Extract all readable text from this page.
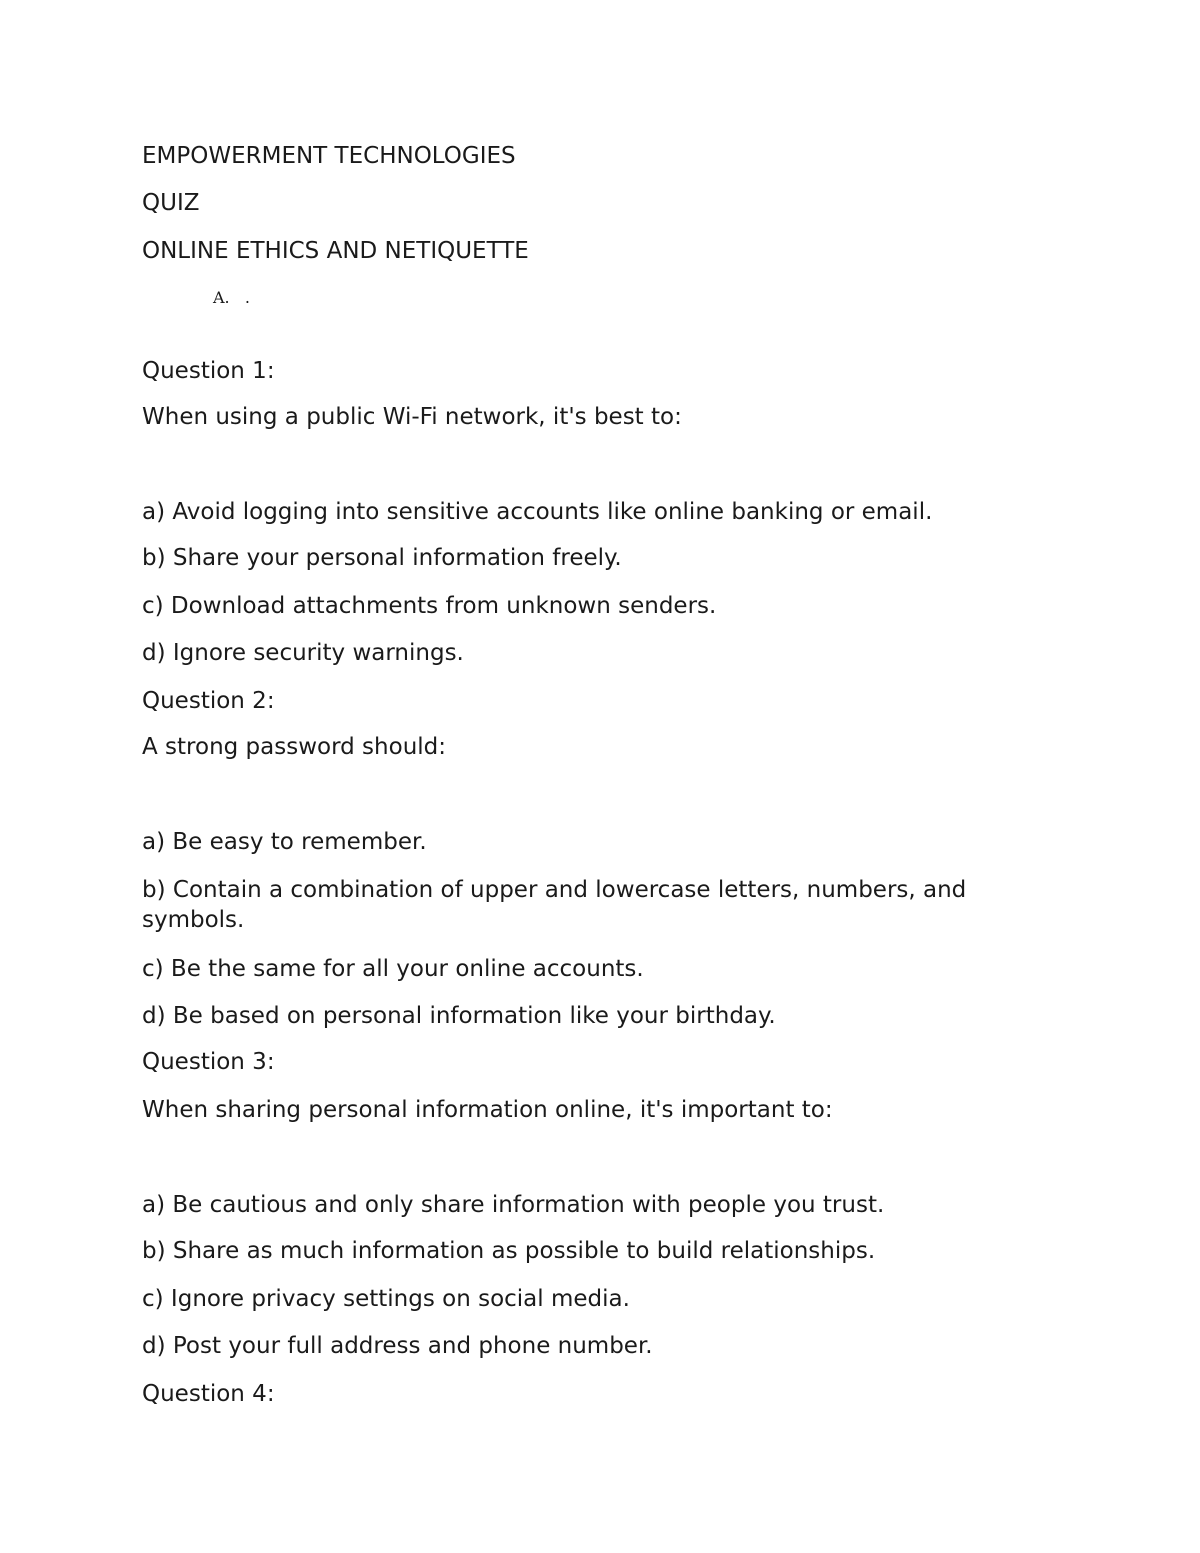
EMPOWERMENT TECHNOLOGIES
QUIZ
ONLINE ETHICS AND NETIQUETTE
A.   .
Question 1:
When using a public Wi-Fi network, it's best to:
a) Avoid logging into sensitive accounts like online banking or email.
b) Share your personal information freely.
c) Download attachments from unknown senders.
d) Ignore security warnings.
Question 2:
A strong password should:
a) Be easy to remember.
b) Contain a combination of upper and lowercase letters, numbers, and symbols.
c) Be the same for all your online accounts.
d) Be based on personal information like your birthday.
Question 3:
When sharing personal information online, it's important to:
a) Be cautious and only share information with people you trust.
b) Share as much information as possible to build relationships.
c) Ignore privacy settings on social media.
d) Post your full address and phone number.
Question 4:
